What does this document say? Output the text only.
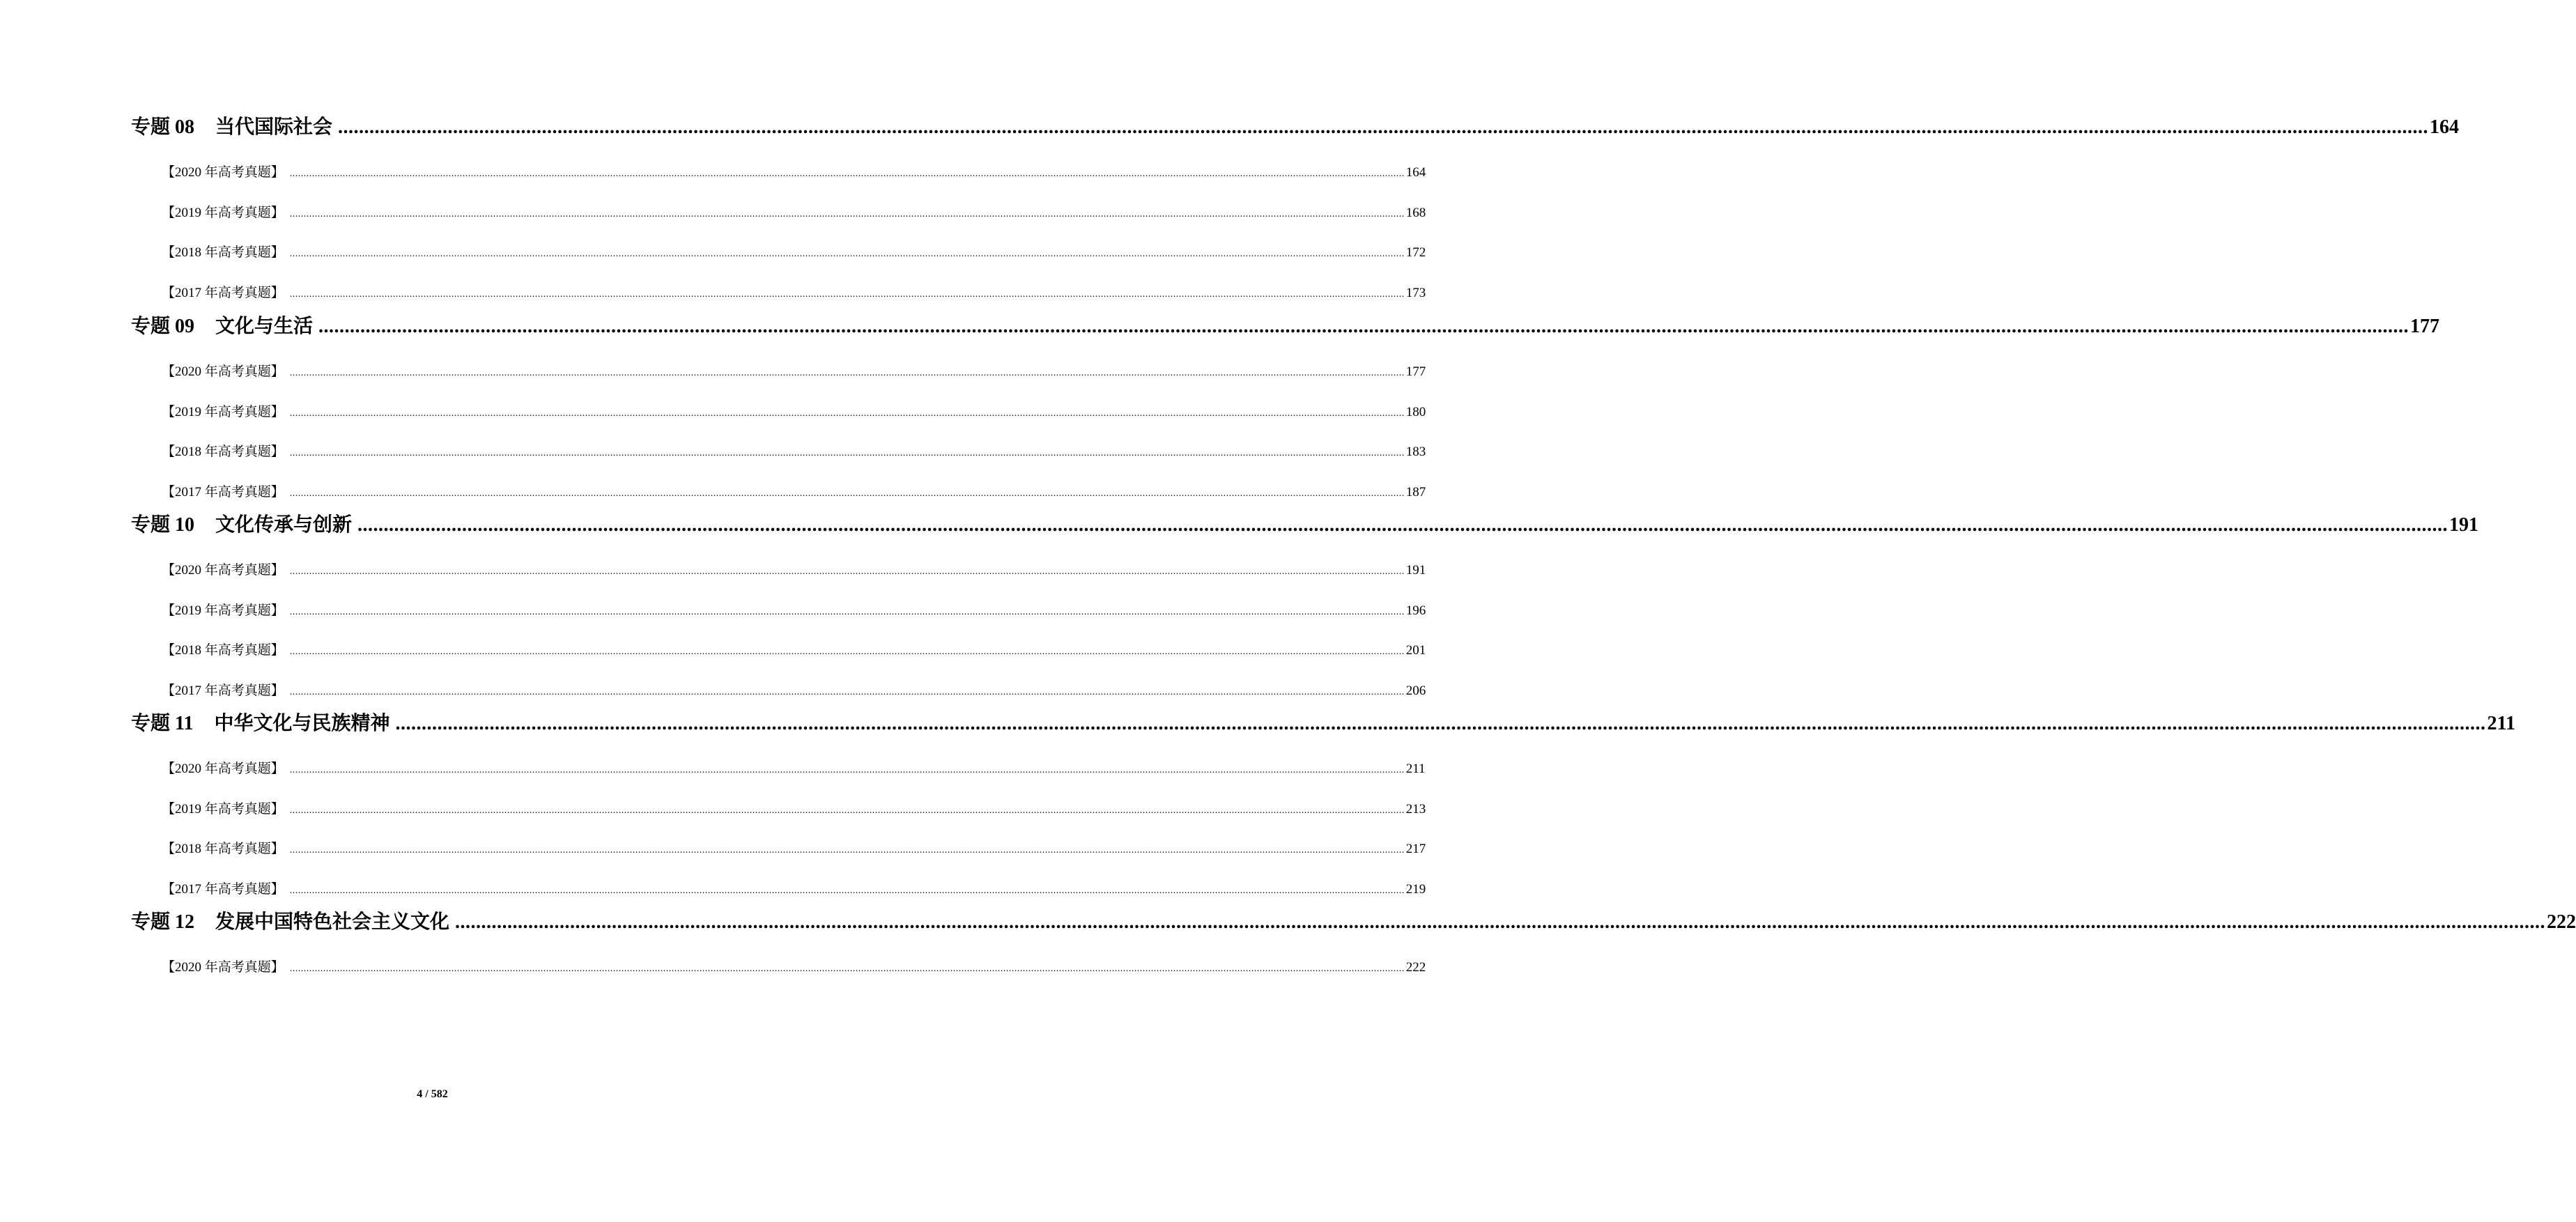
专题 08 当代国际社会 ................................................................................................................................................................................................................................................................................................................................................................................................................ 164
【2020 年高考真题】 ................................................................................................................................................................................................................................................................................................................................................................................................................ 164
【2019 年高考真题】 ................................................................................................................................................................................................................................................................................................................................................................................................................ 168
【2018 年高考真题】 ................................................................................................................................................................................................................................................................................................................................................................................................................ 172
【2017 年高考真题】 ................................................................................................................................................................................................................................................................................................................................................................................................................ 173
专题 09 文化与生活 ................................................................................................................................................................................................................................................................................................................................................................................................................ 177
【2020 年高考真题】 ................................................................................................................................................................................................................................................................................................................................................................................................................ 177
【2019 年高考真题】 ................................................................................................................................................................................................................................................................................................................................................................................................................ 180
【2018 年高考真题】 ................................................................................................................................................................................................................................................................................................................................................................................................................ 183
【2017 年高考真题】 ................................................................................................................................................................................................................................................................................................................................................................................................................ 187
专题 10 文化传承与创新 ................................................................................................................................................................................................................................................................................................................................................................................................................ 191
【2020 年高考真题】 ................................................................................................................................................................................................................................................................................................................................................................................................................ 191
【2019 年高考真题】 ................................................................................................................................................................................................................................................................................................................................................................................................................ 196
【2018 年高考真题】 ................................................................................................................................................................................................................................................................................................................................................................................................................ 201
【2017 年高考真题】 ................................................................................................................................................................................................................................................................................................................................................................................................................ 206
专题 11 中华文化与民族精神 ................................................................................................................................................................................................................................................................................................................................................................................................................ 211
【2020 年高考真题】 ................................................................................................................................................................................................................................................................................................................................................................................................................ 211
【2019 年高考真题】 ................................................................................................................................................................................................................................................................................................................................................................................................................ 213
【2018 年高考真题】 ................................................................................................................................................................................................................................................................................................................................................................................................................ 217
【2017 年高考真题】 ................................................................................................................................................................................................................................................................................................................................................................................................................ 219
专题 12 发展中国特色社会主义文化 ................................................................................................................................................................................................................................................................................................................................................................................................................ 222
【2020 年高考真题】 ................................................................................................................................................................................................................................................................................................................................................................................................................ 222
4 / 582
